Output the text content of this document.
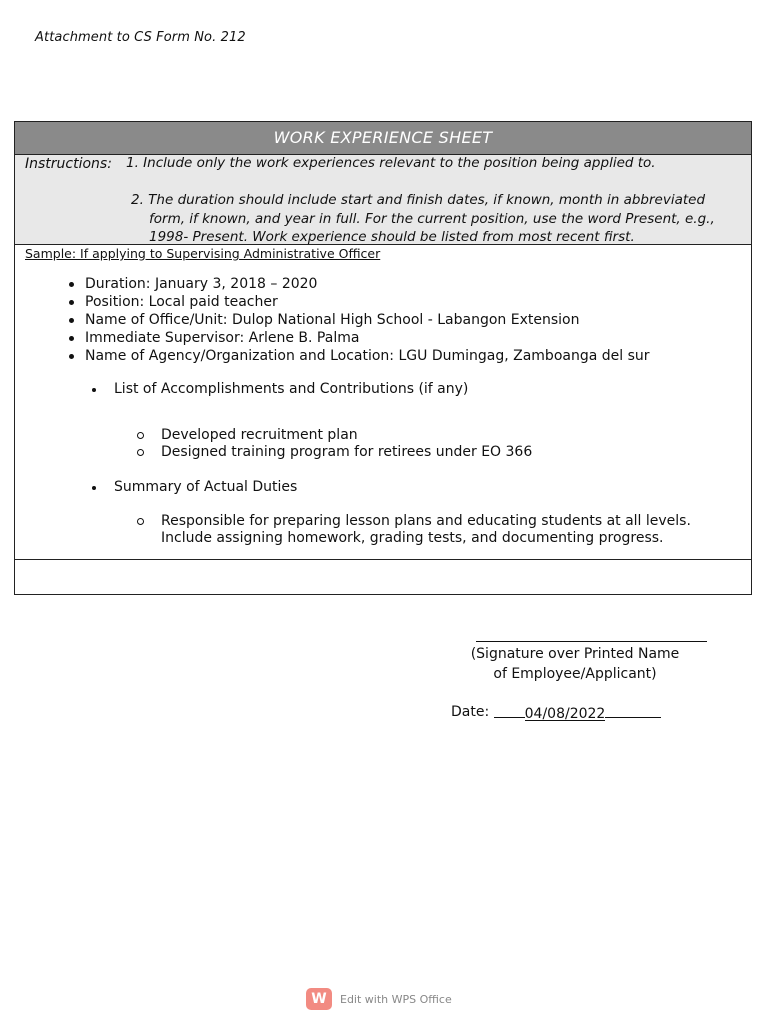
Attachment to CS Form No. 212
WORK EXPERIENCE SHEET
Instructions: 1. Include only the work experiences relevant to the position being applied to.
2. The duration should include start and finish dates, if known, month in abbreviated
form, if known, and year in full. For the current position, use the word Present, e.g.,
1998- Present. Work experience should be listed from most recent first.
Sample: If applying to Supervising Administrative Officer
Duration: January 3, 2018 – 2020
Position: Local paid teacher
Name of Office/Unit: Dulop National High School - Labangon Extension
Immediate Supervisor: Arlene B. Palma
Name of Agency/Organization and Location: LGU Dumingag, Zamboanga del sur
List of Accomplishments and Contributions (if any)
Developed recruitment plan
Designed training program for retirees under EO 366
Summary of Actual Duties
Responsible for preparing lesson plans and educating students at all levels.
Include assigning homework, grading tests, and documenting progress.
(Signature over Printed Name
of Employee/Applicant)
Date: 04/08/2022
W Edit with WPS Office
